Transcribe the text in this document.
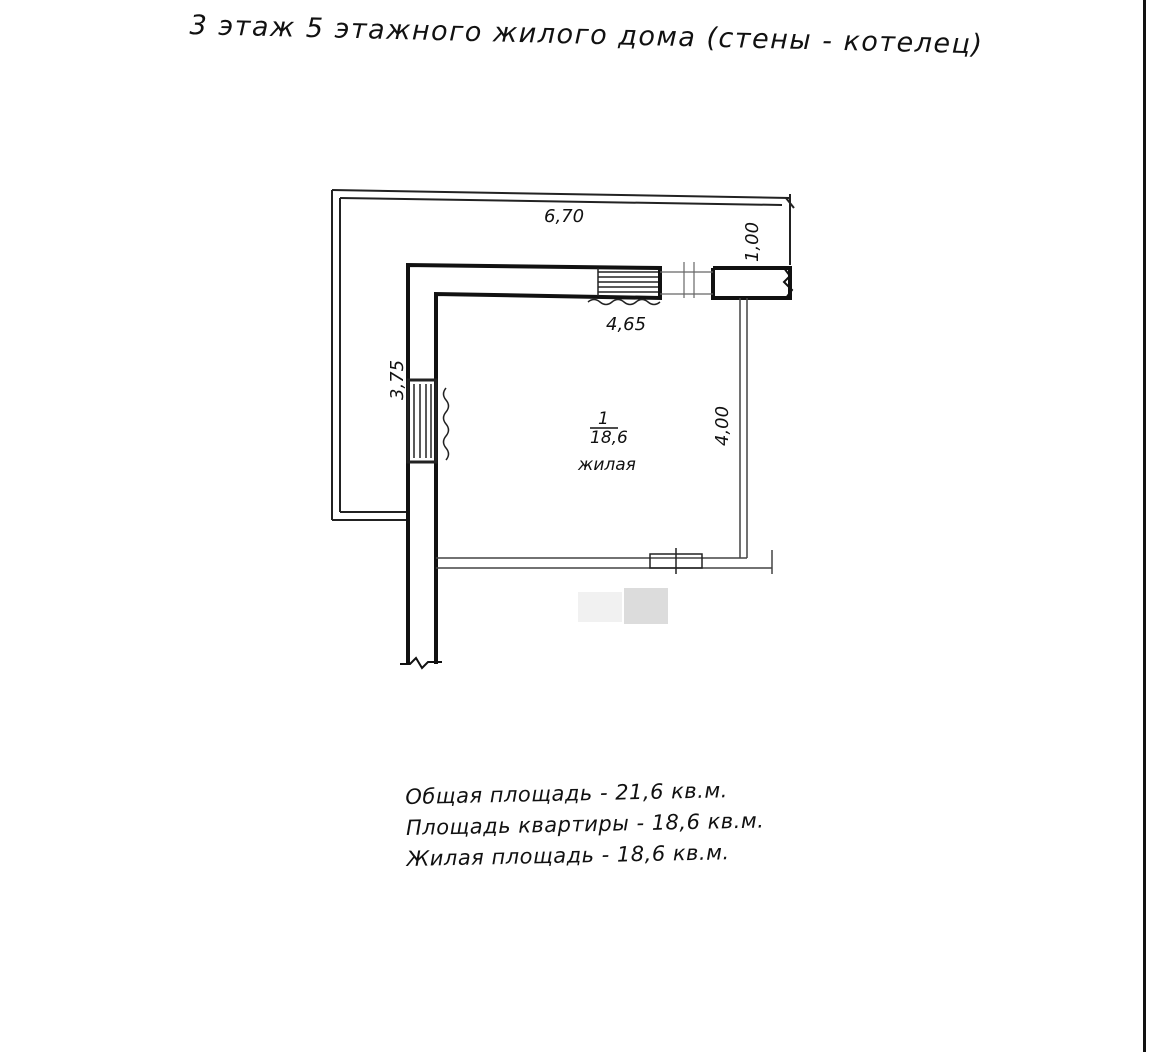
3 этаж 5 этажного жилого дома (стены - котелец)
6,70
4,65
1,00
3,75
4,00
1
18,6
жилая
Общая площадь - 21,6 кв.м.
Площадь квартиры - 18,6 кв.м.
Жилая площадь - 18,6 кв.м.
